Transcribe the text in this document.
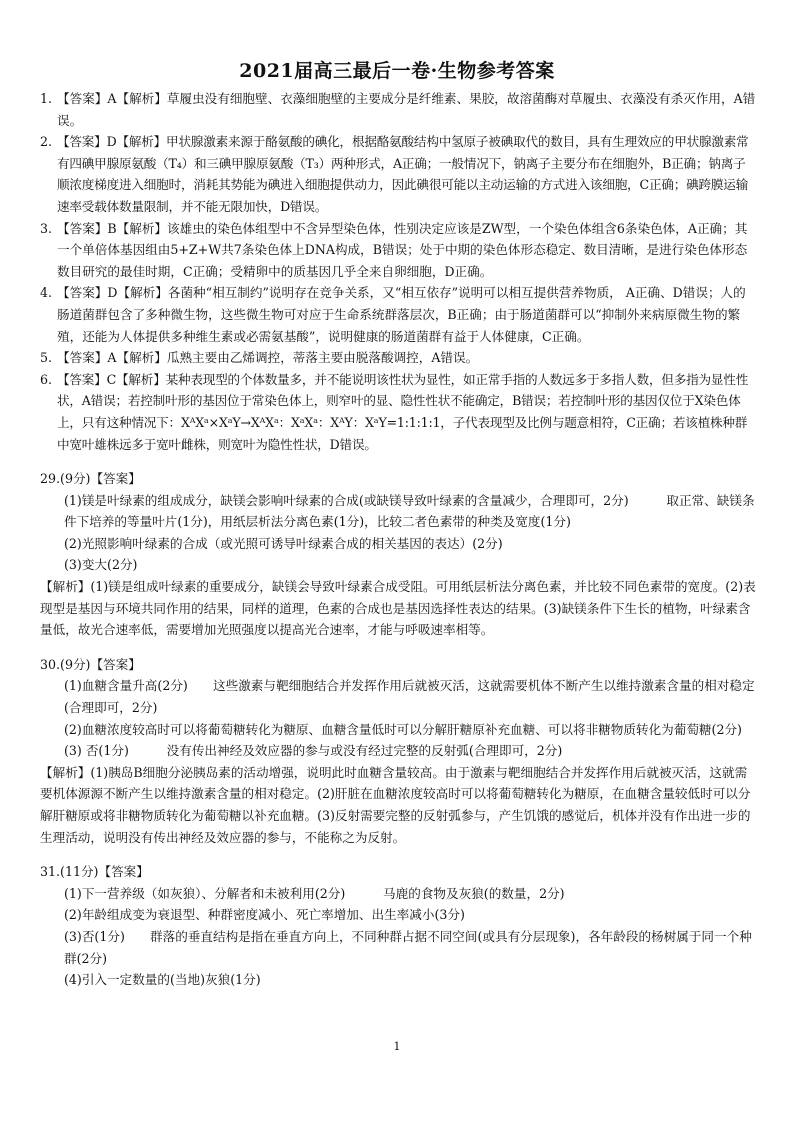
2021届高三最后一卷·生物参考答案
1. 【答案】A【解析】草履虫没有细胞壁、衣藻细胞壁的主要成分是纤维素、果胶，故溶菌酶对草履虫、衣藻没有杀灭作用，A错误。

2. 【答案】D【解析】甲状腺激素来源于酪氨酸的碘化，根据酪氨酸结构中氢原子被碘取代的数目，具有生理效应的甲状腺激素常有四碘甲腺原氨酸（T₄）和三碘甲腺原氨酸（T₃）两种形式，A正确；一般情况下，钠离子主要分布在细胞外，B正确；钠离子顺浓度梯度进入细胞时，消耗其势能为碘进入细胞提供动力，因此碘很可能以主动运输的方式进入该细胞，C正确；碘跨膜运输速率受载体数量限制，并不能无限加快，D错误。

3. 【答案】B【解析】该雄虫的染色体组型中不含异型染色体，性别决定应该是ZW型，一个染色体组含6条染色体，A正确；其一个单倍体基因组由5+Z+W共7条染色体上DNA构成，B错误；处于中期的染色体形态稳定、数目清晰，是进行染色体形态数目研究的最佳时期，C正确；受精卵中的质基因几乎全来自卵细胞，D正确。

4. 【答案】D【解析】各菌种“相互制约”说明存在竞争关系，又“相互依存”说明可以相互提供营养物质， A正确、D错误；人的肠道菌群包含了多种微生物，这些微生物可对应于生命系统群落层次，B正确；由于肠道菌群可以“抑制外来病原微生物的繁殖，还能为人体提供多种维生素或必需氨基酸”，说明健康的肠道菌群有益于人体健康，C正确。

5. 【答案】A【解析】瓜熟主要由乙烯调控，蒂落主要由脱落酸调控，A错误。

6. 【答案】C【解析】某种表现型的个体数量多，并不能说明该性状为显性，如正常手指的人数远多于多指人数，但多指为显性性状，A错误；若控制叶形的基因位于常染色体上，则窄叶的显、隐性性状不能确定，B错误；若控制叶形的基因仅位于X染色体上，只有这种情况下：XᴬXᵃ×XᵃY→XᴬXᵃ：XᵃXᵃ：XᴬY：XᵃY=1:1:1:1，子代表现型及比例与题意相符，C正确；若该植株种群中宽叶雄株远多于宽叶雌株，则宽叶为隐性性状，D错误。

29.(9分)【答案】

(1)镁是叶绿素的组成成分，缺镁会影响叶绿素的合成(或缺镁导致叶绿素的含量减少，合理即可，2分)　　　取正常、缺镁条件下培养的等量叶片(1分)，用纸层析法分离色素(1分)，比较二者色素带的种类及宽度(1分)

(2)光照影响叶绿素的合成（或光照可诱导叶绿素合成的相关基因的表达）(2分)

(3)变大(2分)

【解析】(1)镁是组成叶绿素的重要成分，缺镁会导致叶绿素合成受阻。可用纸层析法分离色素，并比较不同色素带的宽度。(2)表现型是基因与环境共同作用的结果，同样的道理，色素的合成也是基因选择性表达的结果。(3)缺镁条件下生长的植物，叶绿素含量低，故光合速率低，需要增加光照强度以提高光合速率，才能与呼吸速率相等。

30.(9分)【答案】

(1)血糖含量升高(2分)　　这些激素与靶细胞结合并发挥作用后就被灭活，这就需要机体不断产生以维持激素含量的相对稳定(合理即可，2分)

(2)血糖浓度较高时可以将葡萄糖转化为糖原、血糖含量低时可以分解肝糖原补充血糖、可以将非糖物质转化为葡萄糖(2分)

(3) 否(1分)　　　没有传出神经及效应器的参与或没有经过完整的反射弧(合理即可，2分)

【解析】(1)胰岛B细胞分泌胰岛素的活动增强，说明此时血糖含量较高。由于激素与靶细胞结合并发挥作用后就被灭活，这就需要机体源源不断产生以维持激素含量的相对稳定。(2)肝脏在血糖浓度较高时可以将葡萄糖转化为糖原，在血糖含量较低时可以分解肝糖原或将非糖物质转化为葡萄糖以补充血糖。(3)反射需要完整的反射弧参与，产生饥饿的感觉后，机体并没有作出进一步的生理活动，说明没有传出神经及效应器的参与，不能称之为反射。

31.(11分)【答案】

(1)下一营养级（如灰狼）、分解者和未被利用(2分)　　　马鹿的食物及灰狼(的数量，2分)

(2)年龄组成变为衰退型、种群密度减小、死亡率增加、出生率减小(3分)

(3)否(1分)　　群落的垂直结构是指在垂直方向上，不同种群占据不同空间(或具有分层现象)，各年龄段的杨树属于同一个种群(2分)

(4)引入一定数量的(当地)灰狼(1分)

1
